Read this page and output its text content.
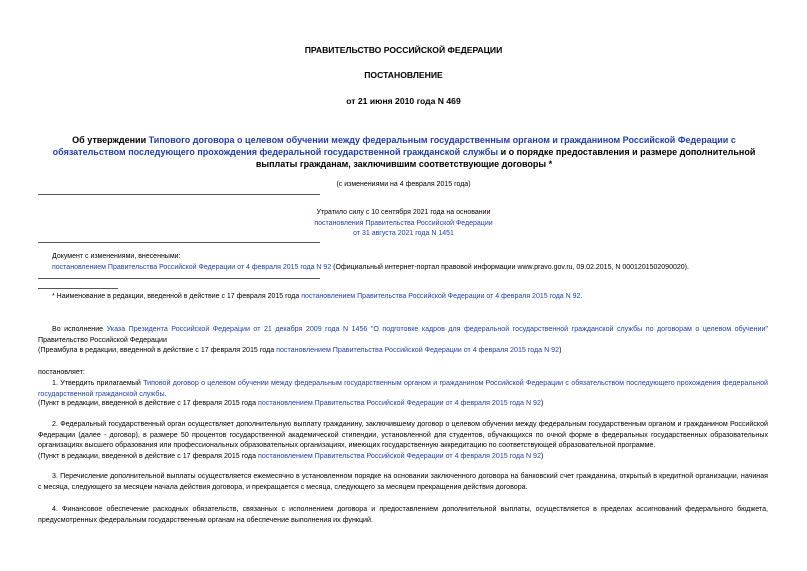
ПРАВИТЕЛЬСТВО РОССИЙСКОЙ ФЕДЕРАЦИИ
ПОСТАНОВЛЕНИЕ
от 21 июня 2010 года N 469
Об утверждении Типового договора о целевом обучении между федеральным государственным органом и гражданином Российской Федерации с обязательством последующего прохождения федеральной государственной гражданской службы и о порядке предоставления и размере дополнительной выплаты гражданам, заключившим соответствующие договоры *
(с изменениями на 4 февраля 2015 года)
Утратило силу с 10 сентября 2021 года на основании
постановления Правительства Российской Федерации
от 31 августа 2021 года N 1451
Документ с изменениями, внесенными:
постановлением Правительства Российской Федерации от 4 февраля 2015 года N 92 (Официальный интернет-портал правовой информации www.pravo.gov.ru, 09.02.2015, N 0001201502090020).
* Наименование в редакции, введенной в действие с 17 февраля 2015 года постановлением Правительства Российской Федерации от 4 февраля 2015 года N 92.
Во исполнение Указа Президента Российской Федерации от 21 декабря 2009 года N 1456 "О подготовке кадров для федеральной государственной гражданской службы по договорам о целевом обучении" Правительство Российской Федерации
(Преамбула в редакции, введенной в действие с 17 февраля 2015 года постановлением Правительства Российской Федерации от 4 февраля 2015 года N 92)
постановляет:
1. Утвердить прилагаемый Типовой договор о целевом обучении между федеральным государственным органом и гражданином Российской Федерации с обязательством последующего прохождения федеральной государственной гражданской службы.
(Пункт в редакции, введенной в действие с 17 февраля 2015 года постановлением Правительства Российской Федерации от 4 февраля 2015 года N 92)
2. Федеральный государственный орган осуществляет дополнительную выплату гражданину, заключившему договор о целевом обучении между федеральным государственным органом и гражданином Российской Федерации (далее - договор), в размере 50 процентов государственной академической стипендии, установленной для студентов, обучающихся по очной форме в федеральных государственных образовательных организациях высшего образования или профессиональных образовательных организациях, имеющих государственную аккредитацию по соответствующей образовательной программе.
(Пункт в редакции, введенной в действие с 17 февраля 2015 года постановлением Правительства Российской Федерации от 4 февраля 2015 года N 92)
3. Перечисление дополнительной выплаты осуществляется ежемесячно в установленном порядке на основании заключенного договора на банковский счет гражданина, открытый в кредитной организации, начиная с месяца, следующего за месяцем начала действия договора, и прекращается с месяца, следующего за месяцем прекращения действия договора.
4. Финансовое обеспечение расходных обязательств, связанных с исполнением договора и предоставлением дополнительной выплаты, осуществляется в пределах ассигнований федерального бюджета, предусмотренных федеральным государственным органам на обеспечение выполнения их функций.
